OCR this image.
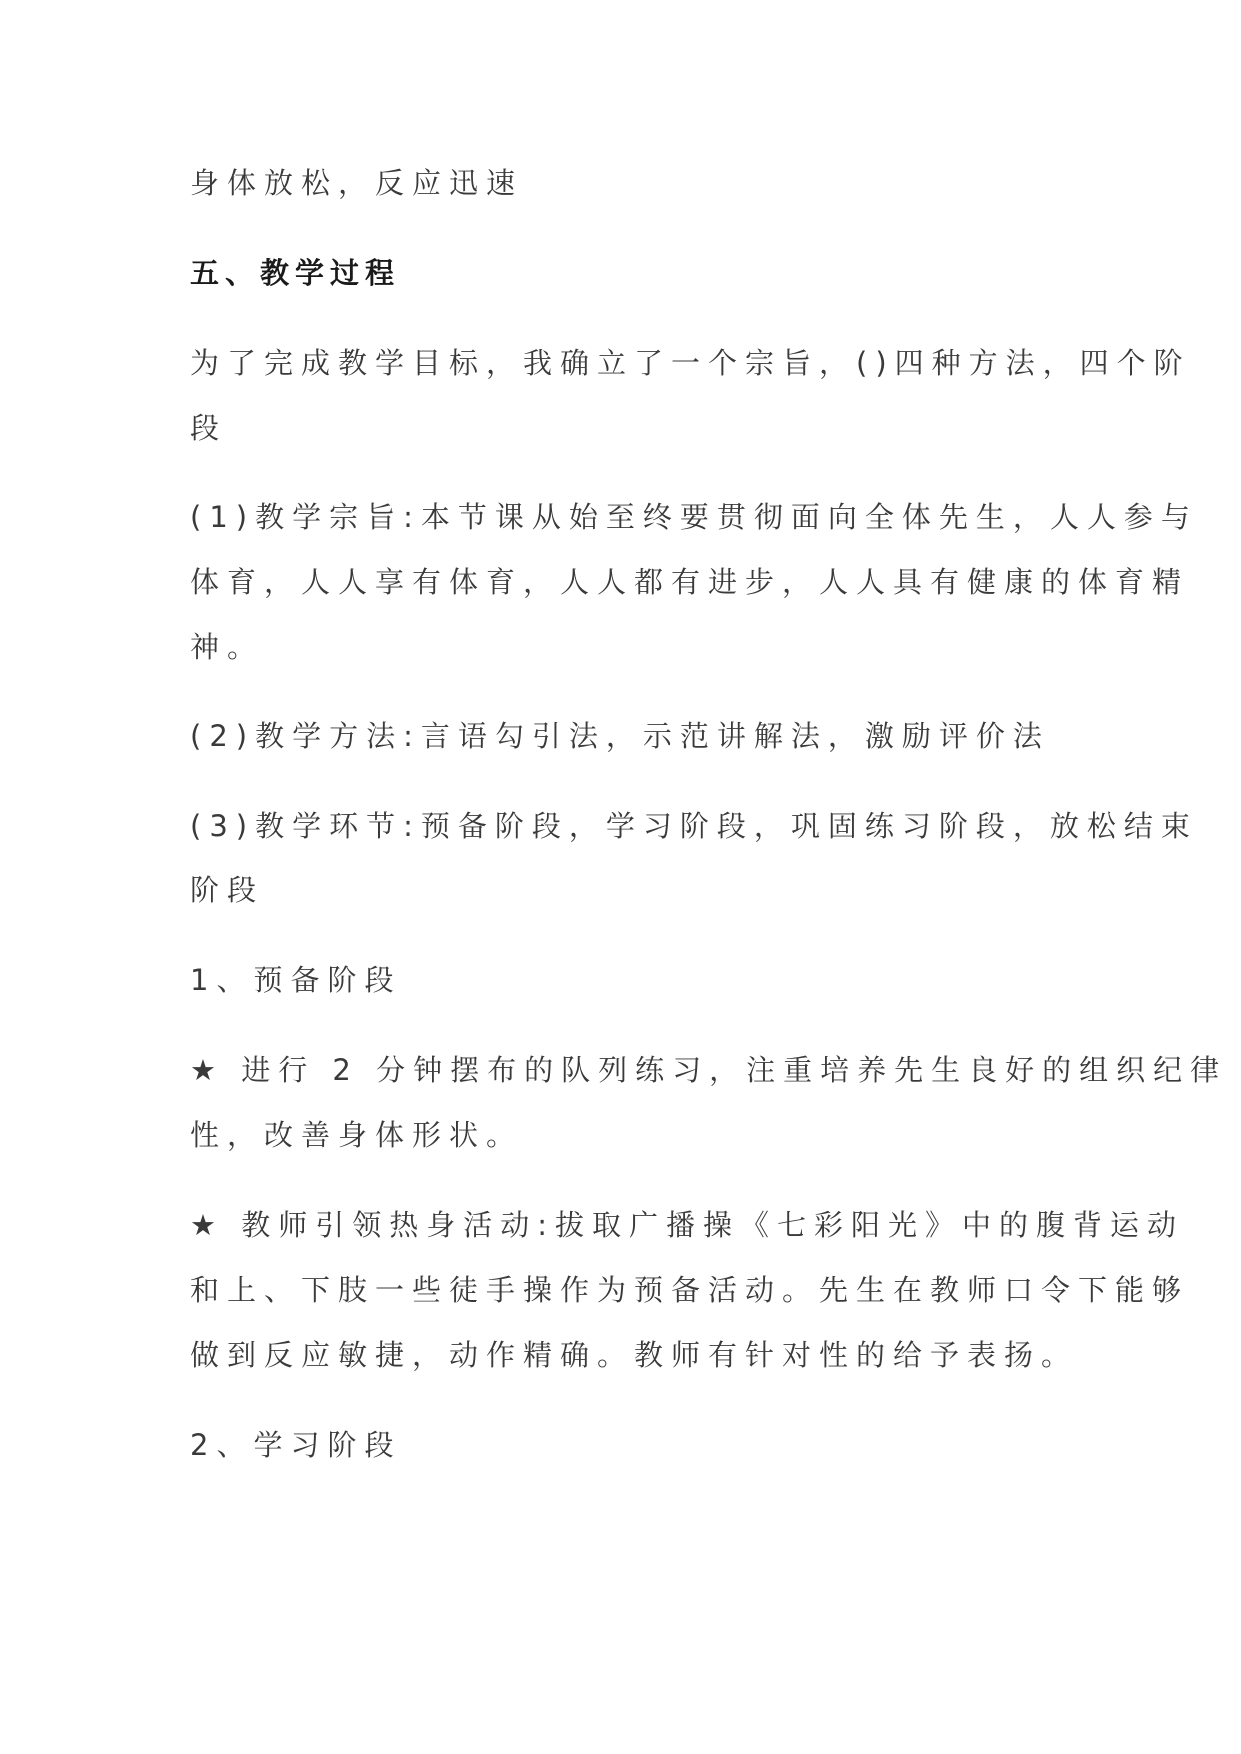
身体放松，反应迅速
五、教学过程
为了完成教学目标，我确立了一个宗旨，()四种方法，四个阶
段
(1)教学宗旨:本节课从始至终要贯彻面向全体先生，人人参与
体育，人人享有体育，人人都有进步，人人具有健康的体育精
神。
(2)教学方法:言语勾引法，示范讲解法，激励评价法
(3)教学环节:预备阶段，学习阶段，巩固练习阶段，放松结束
阶段
1、预备阶段
★ 进行 2 分钟摆布的队列练习，注重培养先生良好的组织纪律
性，改善身体形状。
★ 教师引领热身活动:拔取广播操《七彩阳光》中的腹背运动
和上、下肢一些徒手操作为预备活动。先生在教师口令下能够
做到反应敏捷，动作精确。教师有针对性的给予表扬。
2、学习阶段
